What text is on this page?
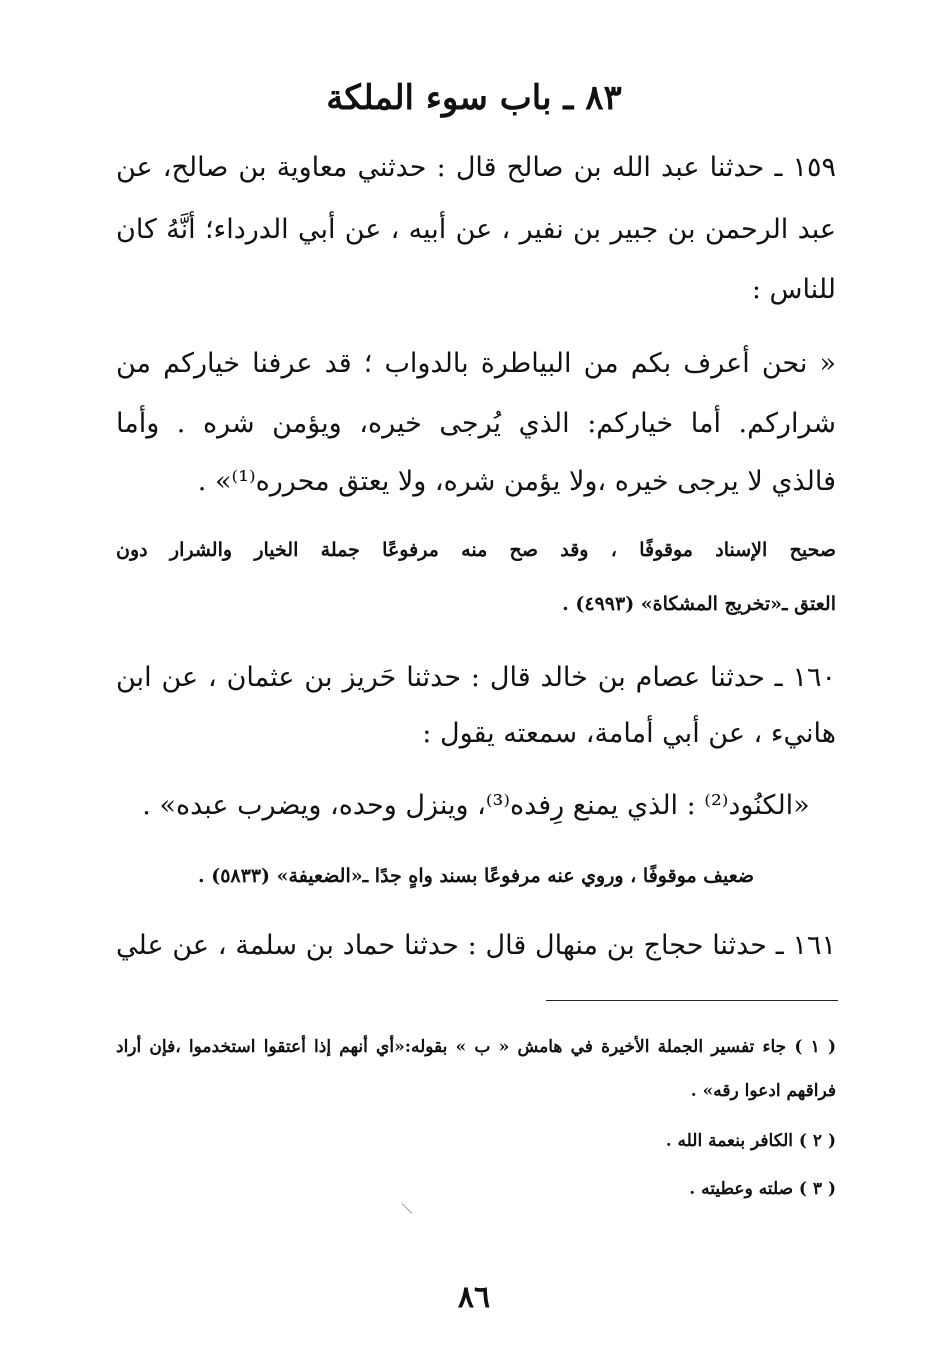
٨٣ ـ باب سوء الملكة
١٥٩ ـ حدثنا عبد الله بن صالح قال : حدثني معاوية بن صالح، عن
عبد الرحمن بن جبير بن نفير ، عن أبيه ، عن أبي الدرداء؛ أنَّهُ كان
للناس :
« نحن أعرف بكم من البياطرة بالدواب ؛ قد عرفنا خياركم من
شراركم. أما خياركم: الذي يُرجى خيره، ويؤمن شره . وأما
فالذي لا يرجى خيره ،ولا يؤمن شره، ولا يعتق محرره⁽¹⁾» .
صحيح الإسناد موقوفًا ، وقد صح منه مرفوعًا جملة الخيار والشرار دون
العتق ـ«تخريج المشكاة» (٤٩٩٣) .
١٦٠ ـ حدثنا عصام بن خالد قال : حدثنا حَريز بن عثمان ، عن ابن
هانيء ، عن أبي أمامة، سمعته يقول :
«الكنُود⁽²⁾ : الذي يمنع رِفده⁽³⁾، وينزل وحده، ويضرب عبده» .
ضعيف موقوفًا ، وروي عنه مرفوعًا بسند واهٍ جدًا ـ«الضعيفة» (٥٨٣٣) .
١٦١ ـ حدثنا حجاج بن منهال قال : حدثنا حماد بن سلمة ، عن علي
( ١ ) جاء تفسير الجملة الأخيرة في هامش « ب » بقوله:«أي أنهم إذا أعتقوا استخدموا ،فإن أراد
فراقهم ادعوا رقه» .
( ٢ ) الكافر بنعمة الله .
( ٣ ) صلته وعطيته .
٨٦
